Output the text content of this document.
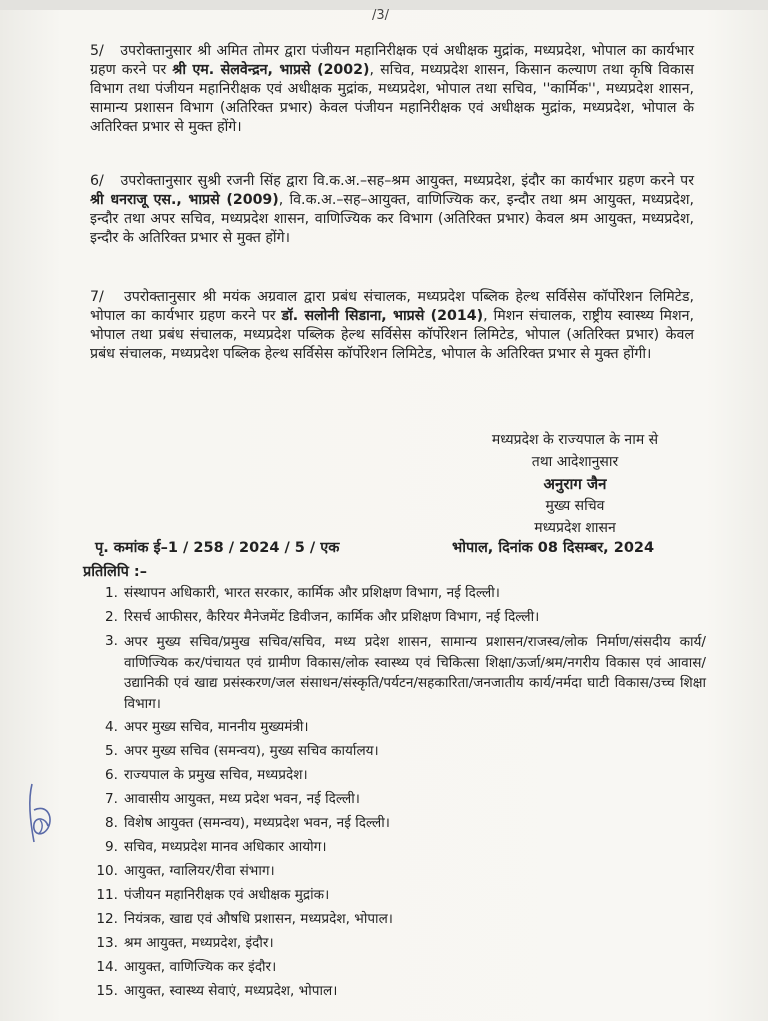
/3/
5/ उपरोक्तानुसार श्री अमित तोमर द्वारा पंजीयन महानिरीक्षक एवं अधीक्षक मुद्रांक, मध्यप्रदेश, भोपाल का कार्यभार ग्रहण करने पर श्री एम. सेलवेन्द्रन, भाप्रसे (2002), सचिव, मध्यप्रदेश शासन, किसान कल्याण तथा कृषि विकास विभाग तथा पंजीयन महानिरीक्षक एवं अधीक्षक मुद्रांक, मध्यप्रदेश, भोपाल तथा सचिव, ''कार्मिक'', मध्यप्रदेश शासन, सामान्य प्रशासन विभाग (अतिरिक्त प्रभार) केवल पंजीयन महानिरीक्षक एवं अधीक्षक मुद्रांक, मध्यप्रदेश, भोपाल के अतिरिक्त प्रभार से मुक्त होंगे।
6/ उपरोक्तानुसार सुश्री रजनी सिंह द्वारा वि.क.अ.–सह–श्रम आयुक्त, मध्यप्रदेश, इंदौर का कार्यभार ग्रहण करने पर श्री धनराजू एस., भाप्रसे (2009), वि.क.अ.–सह–आयुक्त, वाणिज्यिक कर, इन्दौर तथा श्रम आयुक्त, मध्यप्रदेश, इन्दौर तथा अपर सचिव, मध्यप्रदेश शासन, वाणिज्यिक कर विभाग (अतिरिक्त प्रभार) केवल श्रम आयुक्त, मध्यप्रदेश, इन्दौर के अतिरिक्त प्रभार से मुक्त होंगे।
7/ उपरोक्तानुसार श्री मयंक अग्रवाल द्वारा प्रबंध संचालक, मध्यप्रदेश पब्लिक हेल्थ सर्विसेस कॉर्पोरेशन लिमिटेड, भोपाल का कार्यभार ग्रहण करने पर डॉ. सलोनी सिडाना, भाप्रसे (2014), मिशन संचालक, राष्ट्रीय स्वास्थ्य मिशन, भोपाल तथा प्रबंध संचालक, मध्यप्रदेश पब्लिक हेल्थ सर्विसेस कॉर्पोरेशन लिमिटेड, भोपाल (अतिरिक्त प्रभार) केवल प्रबंध संचालक, मध्यप्रदेश पब्लिक हेल्थ सर्विसेस कॉर्पोरेशन लिमिटेड, भोपाल के अतिरिक्त प्रभार से मुक्त होंगी।
मध्यप्रदेश के राज्यपाल के नाम से
तथा आदेशानुसार
अनुराग जैन
मुख्य सचिव
मध्यप्रदेश शासन
पृ. कमांक ई–1 / 258 / 2024 / 5 / एक	भोपाल, दिनांक 08 दिसम्बर, 2024
प्रतिलिपि :–
1. संस्थापन अधिकारी, भारत सरकार, कार्मिक और प्रशिक्षण विभाग, नई दिल्ली।
2. रिसर्च आफीसर, कैरियर मैनेजमेंट डिवीजन, कार्मिक और प्रशिक्षण विभाग, नई दिल्ली।
3. अपर मुख्य सचिव/प्रमुख सचिव/सचिव, मध्य प्रदेश शासन, सामान्य प्रशासन/राजस्व/लोक निर्माण/संसदीय कार्य/वाणिज्यिक कर/पंचायत एवं ग्रामीण विकास/लोक स्वास्थ्य एवं चिकित्सा शिक्षा/ऊर्जा/श्रम/नगरीय विकास एवं आवास/उद्यानिकी एवं खाद्य प्रसंस्करण/जल संसाधन/संस्कृति/पर्यटन/सहकारिता/जनजातीय कार्य/नर्मदा घाटी विकास/उच्च शिक्षा विभाग।
4. अपर मुख्य सचिव, माननीय मुख्यमंत्री।
5. अपर मुख्य सचिव (समन्वय), मुख्य सचिव कार्यालय।
6. राज्यपाल के प्रमुख सचिव, मध्यप्रदेश।
7. आवासीय आयुक्त, मध्य प्रदेश भवन, नई दिल्ली।
8. विशेष आयुक्त (समन्वय), मध्यप्रदेश भवन, नई दिल्ली।
9. सचिव, मध्यप्रदेश मानव अधिकार आयोग।
10. आयुक्त, ग्वालियर/रीवा संभाग।
11. पंजीयन महानिरीक्षक एवं अधीक्षक मुद्रांक।
12. नियंत्रक, खाद्य एवं औषधि प्रशासन, मध्यप्रदेश, भोपाल।
13. श्रम आयुक्त, मध्यप्रदेश, इंदौर।
14. आयुक्त, वाणिज्यिक कर इंदौर।
15. आयुक्त, स्वास्थ्य सेवाएं, मध्यप्रदेश, भोपाल।
